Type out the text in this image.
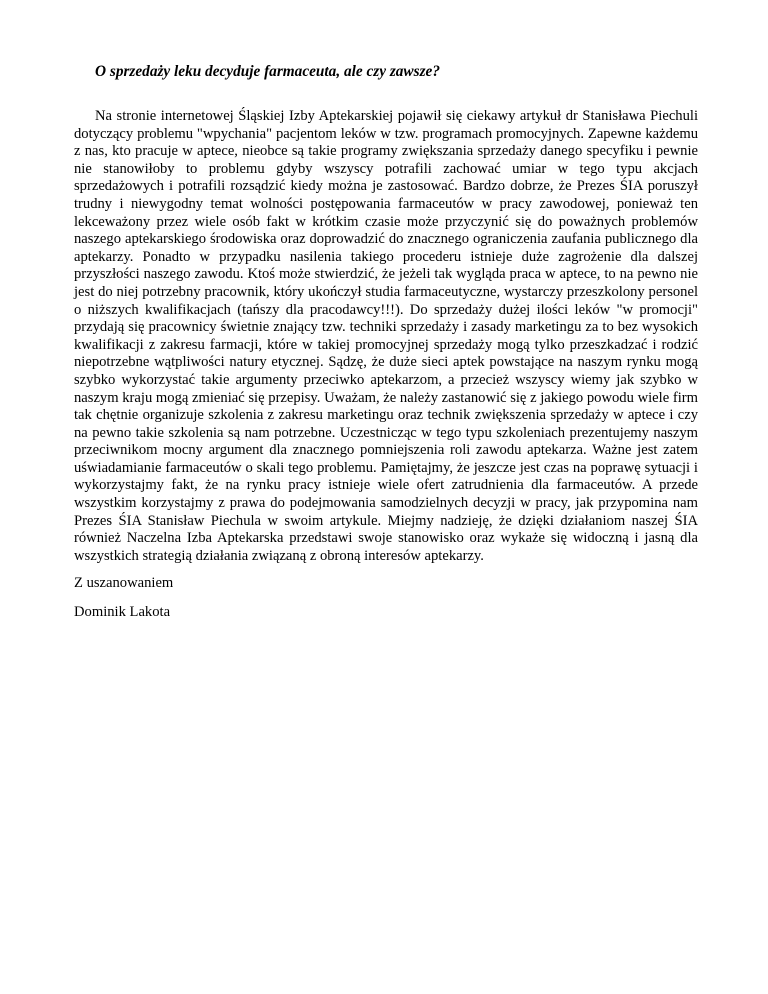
O sprzedaży leku decyduje farmaceuta, ale czy zawsze?

Na stronie internetowej Śląskiej Izby Aptekarskiej pojawił się ciekawy artykuł dr Stanisława Piechuli dotyczący problemu "wpychania" pacjentom leków w tzw. programach promocyjnych. Zapewne każdemu z nas, kto pracuje w aptece, nieobce są takie programy zwiększania sprzedaży danego specyfiku i pewnie nie stanowiłoby to problemu gdyby wszyscy potrafili zachować umiar w tego typu akcjach sprzedażowych i potrafili rozsądzić kiedy można je zastosować. Bardzo dobrze, że Prezes ŚIA poruszył trudny i niewygodny temat wolności postępowania farmaceutów w pracy zawodowej, ponieważ ten lekceważony przez wiele osób fakt w krótkim czasie może przyczynić się do poważnych problemów naszego aptekarskiego środowiska oraz doprowadzić do znacznego ograniczenia zaufania publicznego dla aptekarzy. Ponadto w przypadku nasilenia takiego procederu istnieje duże zagrożenie dla dalszej przyszłości naszego zawodu. Ktoś może stwierdzić, że jeżeli tak wygląda praca w aptece, to na pewno nie jest do niej potrzebny pracownik, który ukończył studia farmaceutyczne, wystarczy przeszkolony personel o niższych kwalifikacjach (tańszy dla pracodawcy!!!). Do sprzedaży dużej ilości leków "w promocji" przydają się pracownicy świetnie znający tzw. techniki sprzedaży i zasady marketingu za to bez wysokich kwalifikacji z zakresu farmacji, które w takiej promocyjnej sprzedaży mogą tylko przeszkadzać i rodzić niepotrzebne wątpliwości natury etycznej. Sądzę, że duże sieci aptek powstające na naszym rynku mogą szybko wykorzystać takie argumenty przeciwko aptekarzom, a przecież wszyscy wiemy jak szybko w naszym kraju mogą zmieniać się przepisy. Uważam, że należy zastanowić się z jakiego powodu wiele firm tak chętnie organizuje szkolenia z zakresu marketingu oraz technik zwiększenia sprzedaży w aptece i czy na pewno takie szkolenia są nam potrzebne. Uczestnicząc w tego typu szkoleniach prezentujemy naszym przeciwnikom mocny argument dla znacznego pomniejszenia roli zawodu aptekarza. Ważne jest zatem uświadamianie farmaceutów o skali tego problemu. Pamiętajmy, że jeszcze jest czas na poprawę sytuacji i wykorzystajmy fakt, że na rynku pracy istnieje wiele ofert zatrudnienia dla farmaceutów. A przede wszystkim korzystajmy z prawa do podejmowania samodzielnych decyzji w pracy, jak przypomina nam Prezes ŚIA Stanisław Piechula w swoim artykule. Miejmy nadzieję, że dzięki działaniom naszej ŚIA również Naczelna Izba Aptekarska przedstawi swoje stanowisko oraz wykaże się widoczną i jasną dla wszystkich strategią działania związaną z obroną interesów aptekarzy.

Z uszanowaniem

Dominik Lakota
